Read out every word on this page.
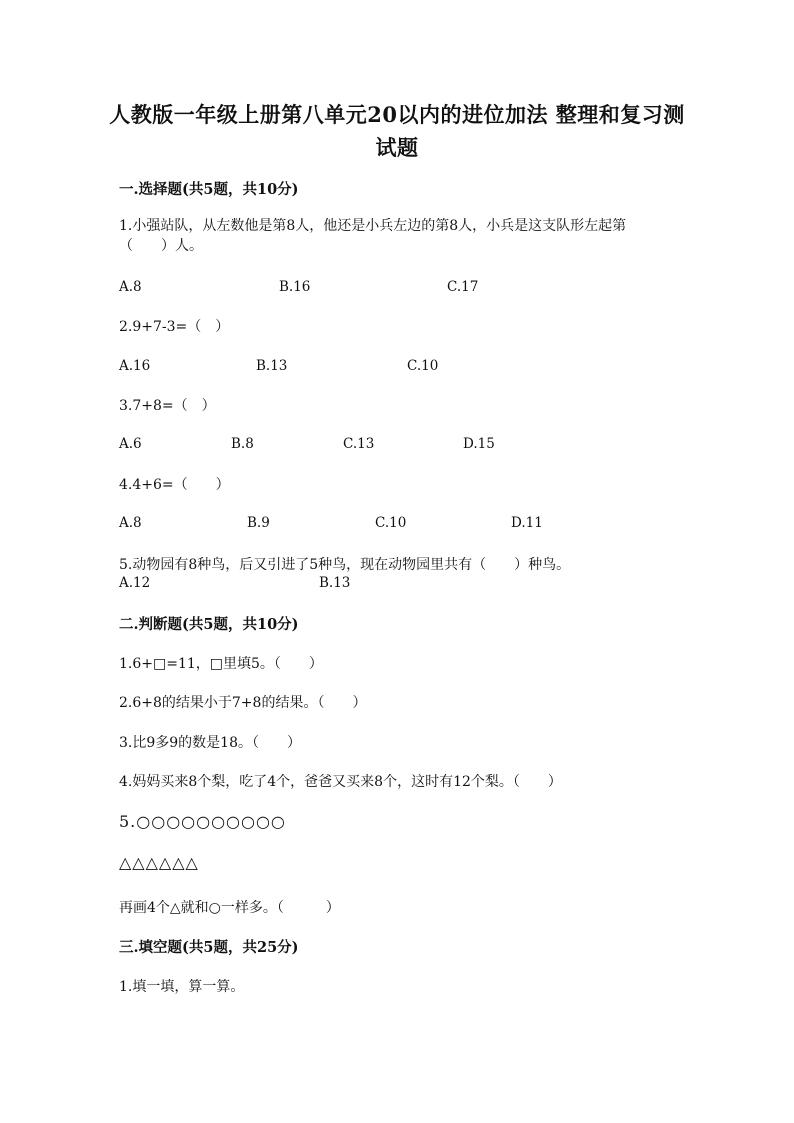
人教版一年级上册第八单元20以内的进位加法 整理和复习测试题
一.选择题(共5题，共10分)
1.小强站队，从左数他是第8人，他还是小兵左边的第8人，小兵是这支队形左起第（　　）人。
A.8	B.16	C.17
2.9+7-3=（　）
A.16	B.13	C.10
3.7+8=（　）
A.6	B.8	C.13	D.15
4.4+6=（　　）
A.8	B.9	C.10	D.11
5.动物园有8种鸟，后又引进了5种鸟，现在动物园里共有（　　）种鸟。
A.12	B.13
二.判断题(共5题，共10分)
1.6+□=11，□里填5。（　　）
2.6+8的结果小于7+8的结果。（　　）
3.比9多9的数是18。（　　）
4.妈妈买来8个梨，吃了4个，爸爸又买来8个，这时有12个梨。（　　）
5.○○○○○○○○○○
△△△△△△
再画4个△就和○一样多。（　　　）
三.填空题(共5题，共25分)
1.填一填，算一算。
